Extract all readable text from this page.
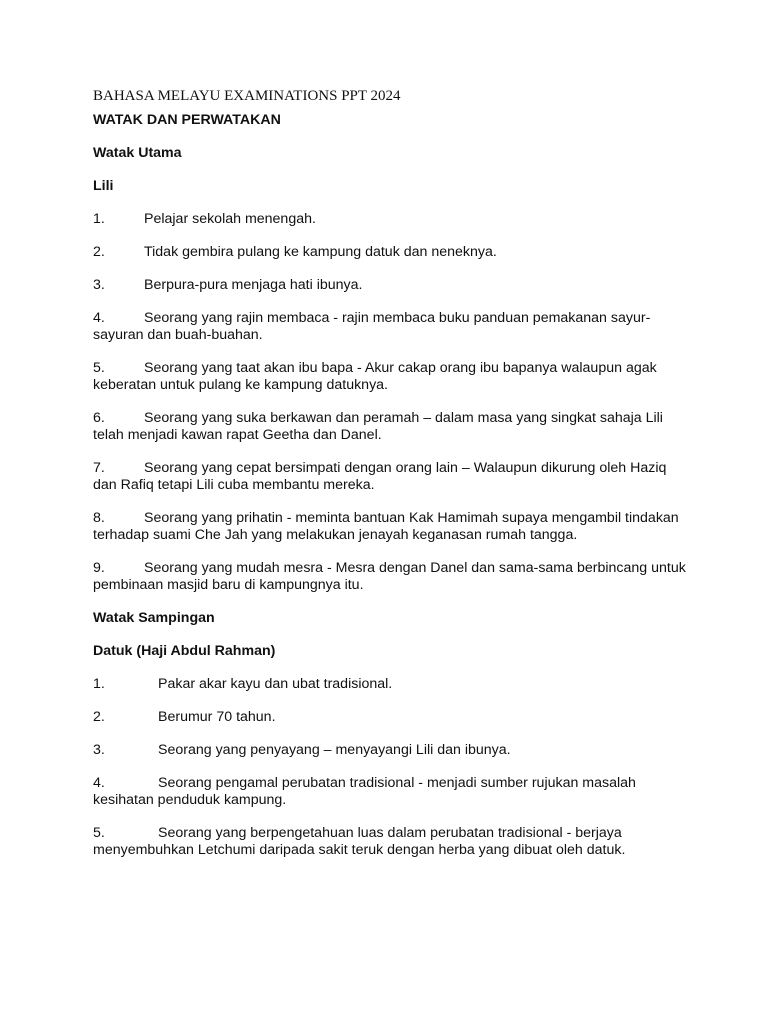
BAHASA MELAYU EXAMINATIONS PPT 2024
WATAK DAN PERWATAKAN
Watak Utama
Lili
1.	Pelajar sekolah menengah.
2.	Tidak gembira pulang ke kampung datuk dan neneknya.
3.	Berpura-pura menjaga hati ibunya.
4.	Seorang yang rajin membaca - rajin membaca buku panduan pemakanan sayur-sayuran dan buah-buahan.
5.	Seorang yang taat akan ibu bapa - Akur cakap orang ibu bapanya walaupun agak keberatan untuk pulang ke kampung datuknya.
6.	Seorang yang suka berkawan dan peramah – dalam masa yang singkat sahaja Lili telah menjadi kawan rapat Geetha dan Danel.
7.	Seorang yang cepat bersimpati dengan orang lain – Walaupun dikurung oleh Haziq dan Rafiq tetapi Lili cuba membantu mereka.
8.	Seorang yang prihatin - meminta bantuan Kak Hamimah supaya mengambil tindakan terhadap suami Che Jah yang melakukan jenayah keganasan rumah tangga.
9.	Seorang yang mudah mesra - Mesra dengan Danel dan sama-sama berbincang untuk pembinaan masjid baru di kampungnya itu.
Watak Sampingan
Datuk (Haji Abdul Rahman)
1.	Pakar akar kayu dan ubat tradisional.
2.	Berumur 70 tahun.
3.	Seorang yang penyayang – menyayangi Lili dan ibunya.
4.	Seorang pengamal perubatan tradisional - menjadi sumber rujukan masalah kesihatan penduduk kampung.
5.	Seorang yang berpengetahuan luas dalam perubatan tradisional - berjaya menyembuhkan Letchumi daripada sakit teruk dengan herba yang dibuat oleh datuk.
